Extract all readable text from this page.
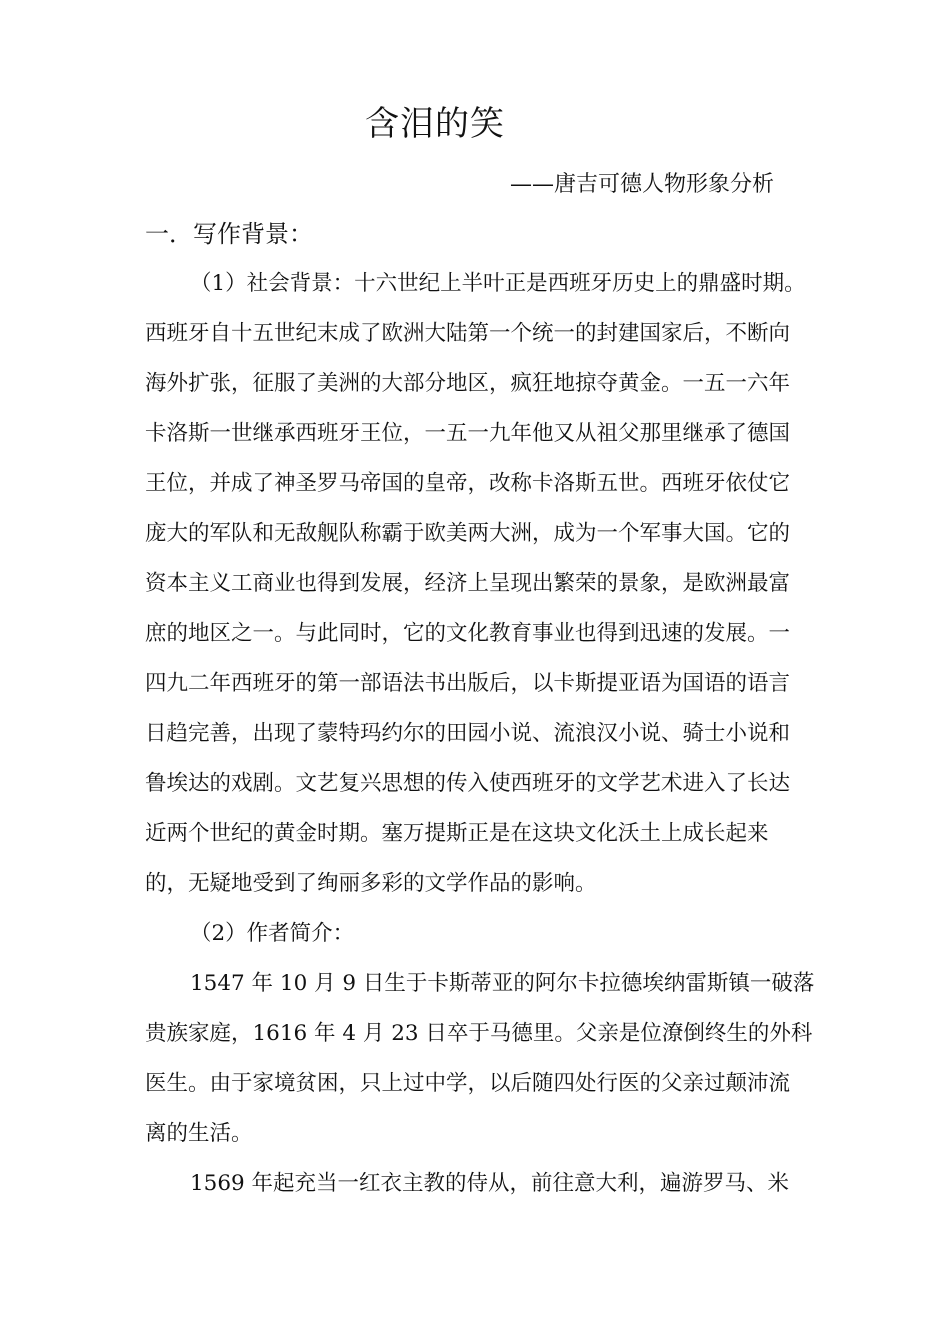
含泪的笑
——唐吉可德人物形象分析
一．写作背景：
（1）社会背景：十六世纪上半叶正是西班牙历史上的鼎盛时期。
西班牙自十五世纪末成了欧洲大陆第一个统一的封建国家后，不断向
海外扩张，征服了美洲的大部分地区，疯狂地掠夺黄金。一五一六年
卡洛斯一世继承西班牙王位，一五一九年他又从祖父那里继承了德国
王位，并成了神圣罗马帝国的皇帝，改称卡洛斯五世。西班牙依仗它
庞大的军队和无敌舰队称霸于欧美两大洲，成为一个军事大国。它的
资本主义工商业也得到发展，经济上呈现出繁荣的景象，是欧洲最富
庶的地区之一。与此同时，它的文化教育事业也得到迅速的发展。一
四九二年西班牙的第一部语法书出版后，以卡斯提亚语为国语的语言
日趋完善，出现了蒙特玛约尔的田园小说、流浪汉小说、骑士小说和
鲁埃达的戏剧。文艺复兴思想的传入使西班牙的文学艺术进入了长达
近两个世纪的黄金时期。塞万提斯正是在这块文化沃土上成长起来
的，无疑地受到了绚丽多彩的文学作品的影响。
（2）作者简介：
1547 年 10 月 9 日生于卡斯蒂亚的阿尔卡拉德埃纳雷斯镇一破落
贵族家庭，1616 年 4 月 23 日卒于马德里。父亲是位潦倒终生的外科
医生。由于家境贫困，只上过中学，以后随四处行医的父亲过颠沛流
离的生活。
1569 年起充当一红衣主教的侍从，前往意大利，遍游罗马、米
